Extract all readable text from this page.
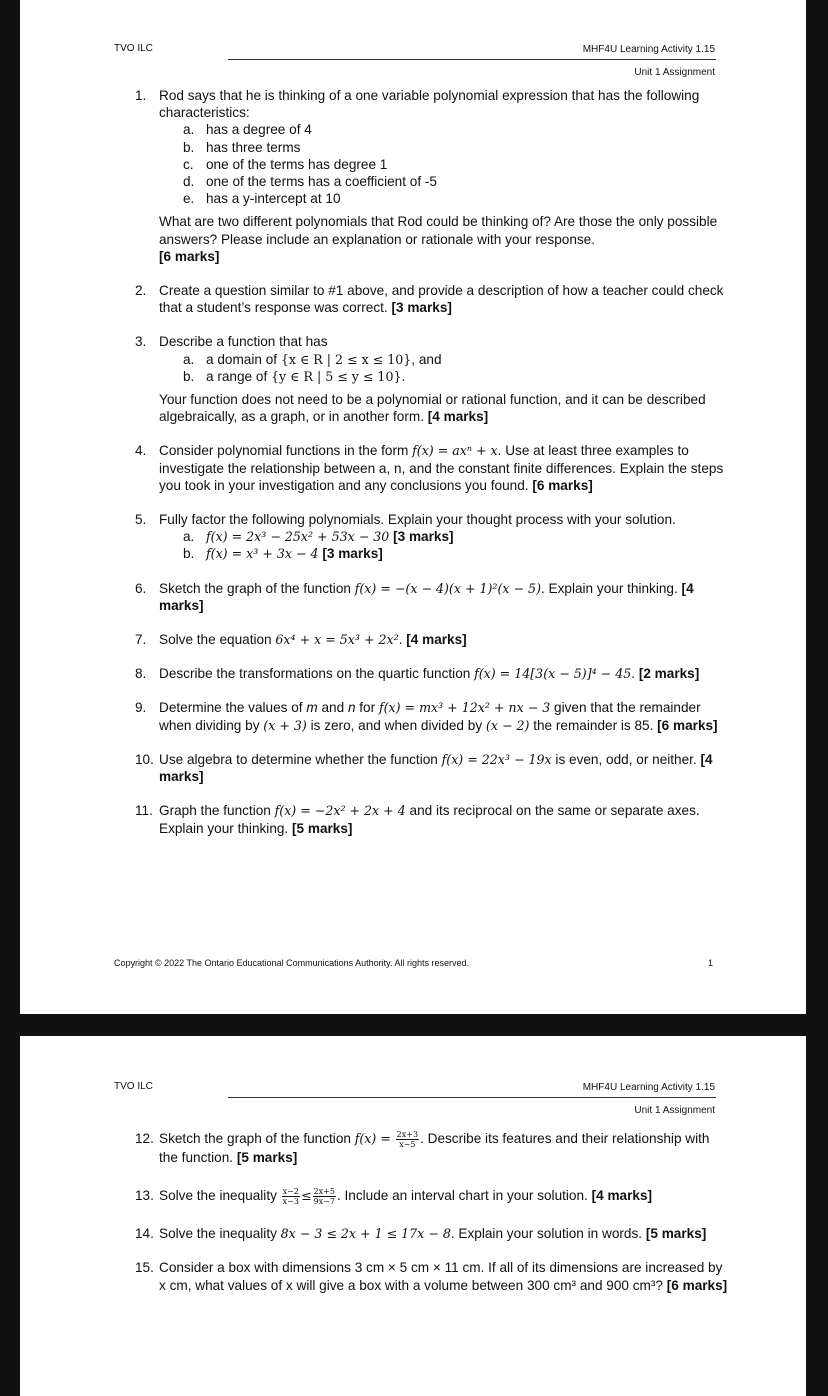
TVO ILC	MHF4U Learning Activity 1.15
Unit 1 Assignment
1. Rod says that he is thinking of a one variable polynomial expression that has the following characteristics:

a. has a degree of 4
b. has three terms
c. one of the terms has degree 1
d. one of the terms has a coefficient of -5
e. has a y-intercept at 10

What are two different polynomials that Rod could be thinking of? Are those the only possible answers? Please include an explanation or rationale with your response.

[6 marks]

2. Create a question similar to #1 above, and provide a description of how a teacher could check that a student’s response was correct. [3 marks]

3. Describe a function that has

a. a domain of {x ∈ R | 2 ≤ x ≤ 10}, and
b. a range of {y ∈ R | 5 ≤ y ≤ 10}.

Your function does not need to be a polynomial or rational function, and it can be described algebraically, as a graph, or in another form. [4 marks]

4. Consider polynomial functions in the form f(x) = axⁿ + x. Use at least three examples to investigate the relationship between a, n, and the constant finite differences. Explain the steps you took in your investigation and any conclusions you found. [6 marks]

5. Fully factor the following polynomials. Explain your thought process with your solution.

a. f(x) = 2x³ − 25x² + 53x − 30 [3 marks]
b. f(x) = x³ + 3x − 4 [3 marks]
6. Sketch the graph of the function f(x) = −(x − 4)(x + 1)²(x − 5). Explain your thinking. [4 marks]

7. Solve the equation 6x⁴ + x = 5x³ + 2x². [4 marks]

8. Describe the transformations on the quartic function f(x) = 14[3(x − 5)]⁴ − 45. [2 marks]

9. Determine the values of m and n for f(x) = mx³ + 12x² + nx − 3 given that the remainder when dividing by (x + 3) is zero, and when divided by (x − 2) the remainder is 85. [6 marks]

10. Use algebra to determine whether the function f(x) = 22x³ − 19x is even, odd, or neither. [4 marks]

11. Graph the function f(x) = −2x² + 2x + 4 and its reciprocal on the same or separate axes. Explain your thinking. [5 marks]

Copyright © 2022 The Ontario Educational Communications Authority. All rights reserved.	1
TVO ILC	MHF4U Learning Activity 1.15
Unit 1 Assignment
12. Sketch the graph of the function $f(x) = \frac{2x+3}{x-5}$ . Describe its features and their relationship with the function. [5 marks]

13. Solve the inequality $\frac{x-2}{x-3} \le \frac{2x+5}{9x-7}$ . Include an interval chart in your solution. [4 marks]

14. Solve the inequality 8x − 3 ≤ 2x + 1 ≤ 17x − 8. Explain your solution in words. [5 marks]

15. Consider a box with dimensions 3 cm × 5 cm × 11 cm. If all of its dimensions are increased by x cm, what values of x will give a box with a volume between 300 cm³ and 900 cm³? [6 marks]
